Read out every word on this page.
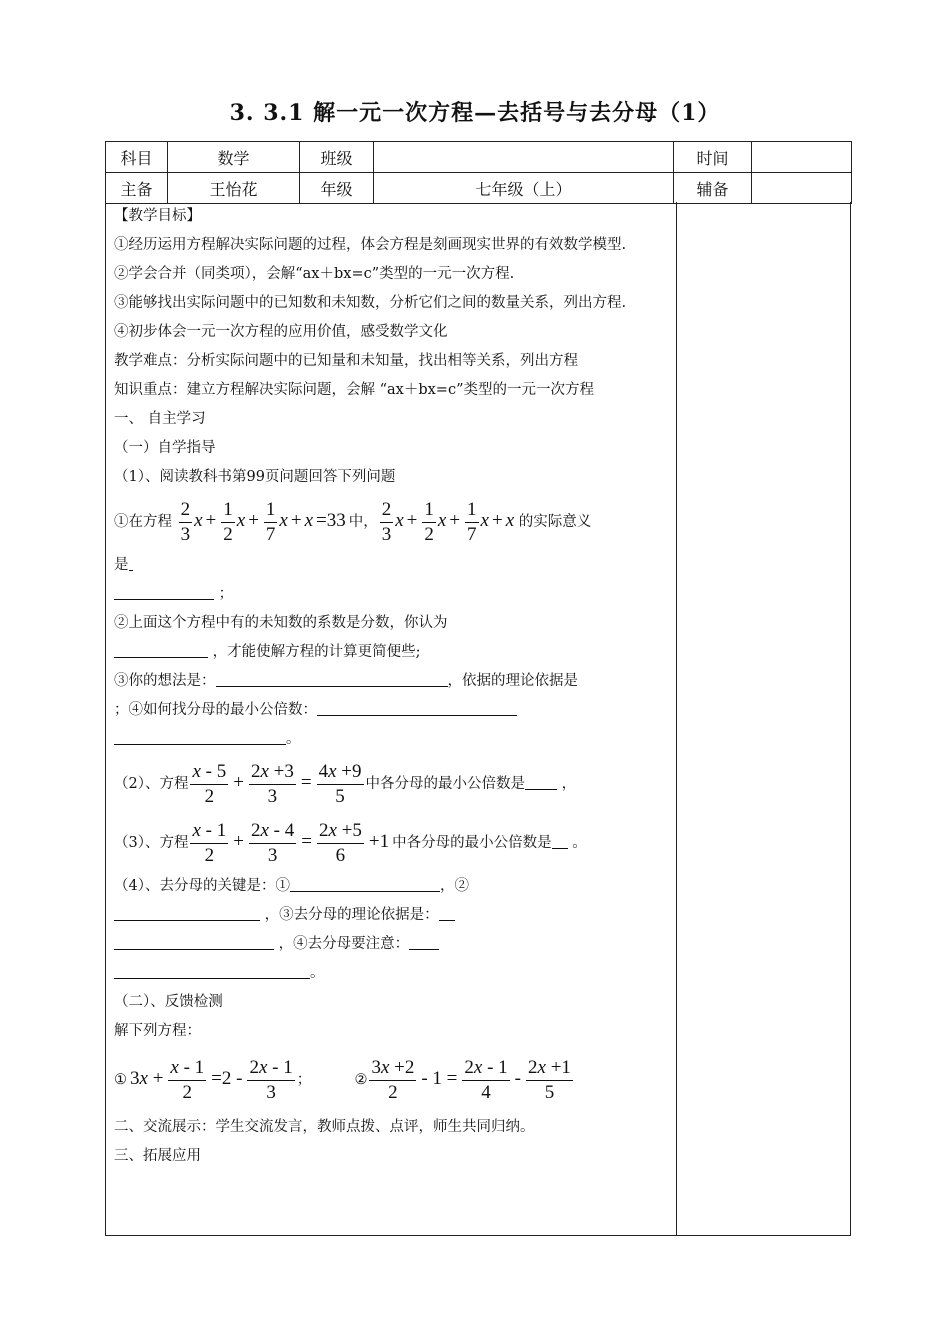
3. 3.1 解一元一次方程—去括号与去分母（1）
科目	数学	班级		时间	
主备	王怡花	年级	七年级（上）	辅备	

【教学目标】

①经历运用方程解决实际问题的过程，体会方程是刻画现实世界的有效数学模型.

②学会合并（同类项），会解“ax＋bx=c”类型的一元一次方程.

③能够找出实际问题中的已知数和未知数，分析它们之间的数量关系，列出方程.

④初步体会一元一次方程的应用价值，感受数学文化

教学难点：分析实际问题中的已知量和未知量，找出相等关系，列出方程

知识重点：建立方程解决实际问题，会解 “ax＋bx=c”类型的一元一次方程

一、 自主学习

（一）自学指导

（1）、阅读教科书第99页问题回答下列问题

①在方程 $\frac{2}{3}$ $x + \frac{1}{2}$ $x + \frac{1}{7}$ x + x =33 中， $\frac{2}{3}$ $x + \frac{1}{2}$ $x + \frac{1}{7}$ x + x 的实际意义

是

；

②上面这个方程中有的未知数的系数是分数，你认为

，才能使解方程的计算更简便些;

③你的想法是：	，依据的理论依据是

；④如何找分母的最小公倍数：

。

（2）、方程 $\frac{x - 5}{2} + \frac{2x +3}{3} = \frac{4x +9}{5}$ 中各分母的最小公倍数是	，

（3）、方程 $\frac{x - 1}{2} + \frac{2x - 4}{3} = \frac{2x +5}{6} +1$ 中各分母的最小公倍数是 。

（4）、去分母的关键是：①	，②

，③去分母的理论依据是：

，④去分母要注意：

。

（二）、反馈检测

解下列方程：

① $3x + \frac{x - 1}{2} =2 - \frac{2x - 1}{3}$ ；	② $\frac{3x +2}{2} - 1 = \frac{2x - 1}{4} - \frac{2x +1}{5}$

二、交流展示：学生交流发言，教师点拨、点评，师生共同归纳。

三、拓展应用
